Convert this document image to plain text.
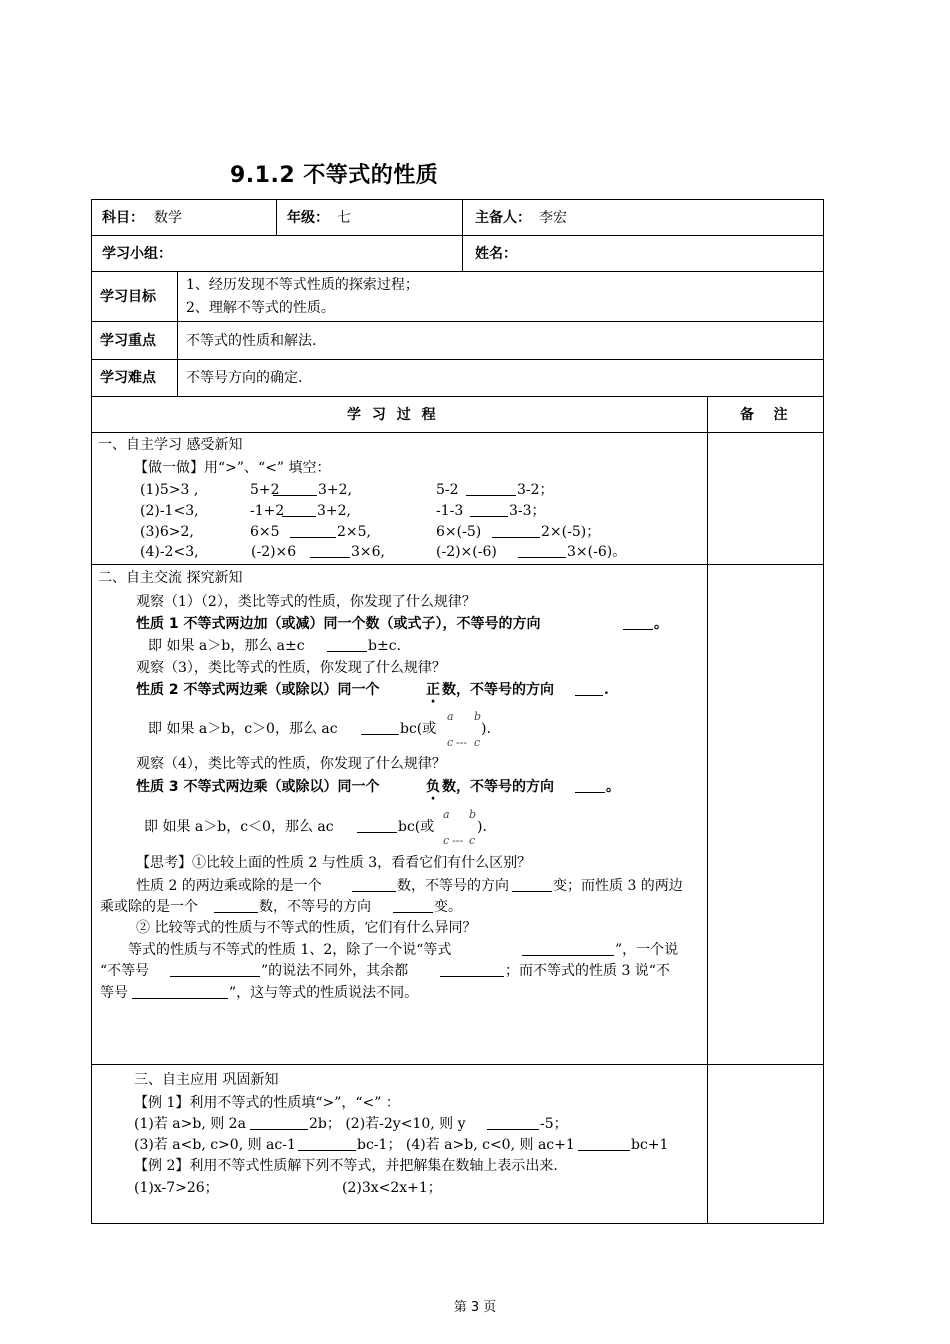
9.1.2 不等式的性质
科目： 数学	年级： 七	主备人： 李宏
学习小组：	姓名：
学习目标
1、经历发现不等式性质的探索过程；
2、理解不等式的性质。
学习重点 不等式的性质和解法.
学习难点 不等号方向的确定.
学 习 过 程	备    注
一、自主学习 感受新知
【做一做】用“>”、“<” 填空：
(1)5>3 ,	5+2	3+2,	5-2	3-2；
(2)-1<3,	-1+2 3+2,	-1-3	3-3；
(3)6>2,	6×5	2×5,	6×(-5)	2×(-5)；
(4)-2<3,	(-2)×6	3×6,	(-2)×(-6)	3×(-6)。
二、自主交流 探究新知
观察（1）（2），类比等式的性质，你发现了什么规律？
性质 1 不等式两边加（或减）同一个数（或式子），不等号的方向	。
即 如果 a＞b，那么 a±c	b±c.
观察（3），类比等式的性质，你发现了什么规律？
性质 2 不等式两边乘（或除以）同一个	正 · 数，不等号的方向	.
即 如果 a＞b，c＞0，那么 ac	bc(或
a b
c --- c
).
观察（4），类比等式的性质，你发现了什么规律？
性质 3 不等式两边乘（或除以）同一个	负 · 数，不等号的方向	。
即 如果 a＞b，c＜0，那么 ac	bc(或
a b
c --- c
).
【思考】①比较上面的性质 2 与性质 3，看看它们有什么区别？
性质 2 的两边乘或除的是一个	数，不等号的方向	变；而性质 3 的两边
乘或除的是一个	数，不等号的方向	变。
② 比较等式的性质与不等式的性质，它们有什么异同？
等式的性质与不等式的性质 1、2，除了一个说“等式	”，一个说
“不等号	”的说法不同外，其余都	；而不等式的性质 3 说“不
等号	”，这与等式的性质说法不同。
三、自主应用 巩固新知
【例 1】利用不等式的性质填“>”，“<” ：
(1)若 a>b, 则 2a	2b； (2)若-2y<10, 则 y	-5；
(3)若 a<b, c>0, 则 ac-1	bc-1； (4)若 a>b, c<0, 则 ac+1	bc+1
【例 2】利用不等式性质解下列不等式，并把解集在数轴上表示出来.
(1)x-7>26；	(2)3x<2x+1；
第 3 页
